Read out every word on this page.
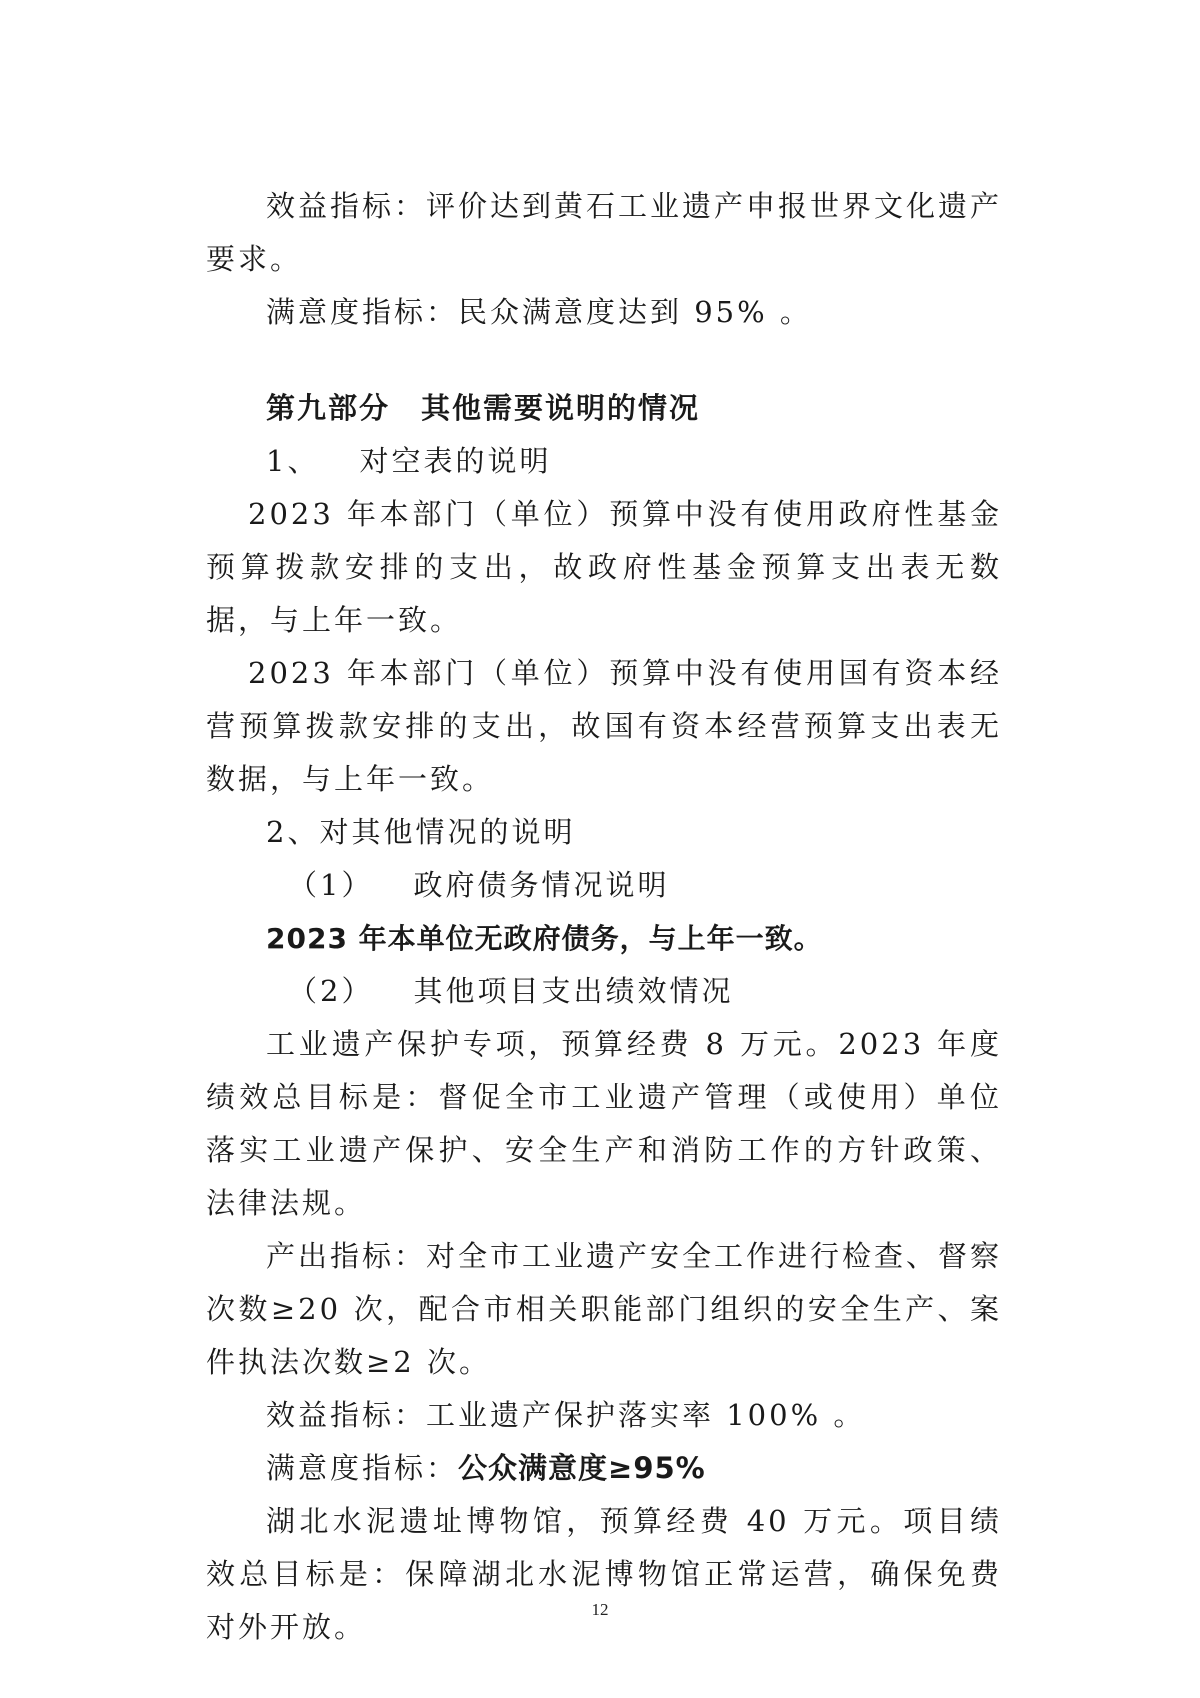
效益指标：评价达到黄石工业遗产申报世界文化遗产要求。

满意度指标：民众满意度达到 95% 。

第九部分　其他需要说明的情况

1、 对空表的说明

2023 年本部门（单位）预算中没有使用政府性基金预算拨款安排的支出，故政府性基金预算支出表无数据，与上年一致。

2023 年本部门（单位）预算中没有使用国有资本经营预算拨款安排的支出，故国有资本经营预算支出表无数据，与上年一致。

2、对其他情况的说明

（1） 政府债务情况说明

2023 年本单位无政府债务，与上年一致。

（2） 其他项目支出绩效情况

工业遗产保护专项，预算经费 8 万元。2023 年度绩效总目标是：督促全市工业遗产管理（或使用）单位落实工业遗产保护、安全生产和消防工作的方针政策、法律法规。

产出指标：对全市工业遗产安全工作进行检查、督察次数≥20 次，配合市相关职能部门组织的安全生产、案件执法次数≥2 次。

效益指标：工业遗产保护落实率 100% 。

满意度指标：公众满意度≥95%

湖北水泥遗址博物馆，预算经费 40 万元。项目绩效总目标是：保障湖北水泥博物馆正常运营，确保免费对外开放。

12
